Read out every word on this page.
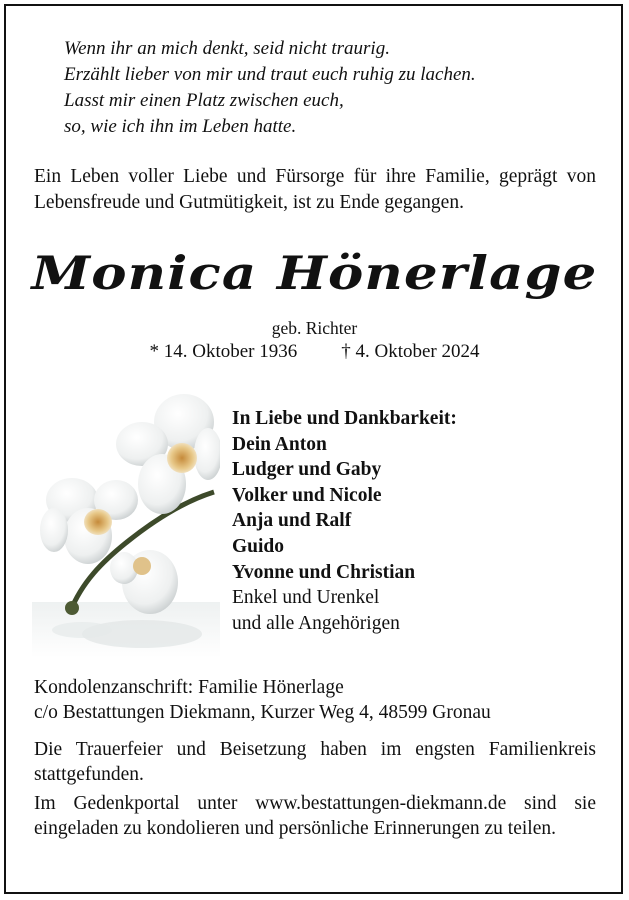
Wenn ihr an mich denkt, seid nicht traurig.
Erzählt lieber von mir und traut euch ruhig zu lachen.
Lasst mir einen Platz zwischen euch,
so, wie ich ihn im Leben hatte.
Ein Leben voller Liebe und Fürsorge für ihre Familie, geprägt von Lebensfreude und Gutmütigkeit, ist zu Ende gegangen.
Monica Hönerlage
geb. Richter
* 14. Oktober 1936 † 4. Oktober 2024
In Liebe und Dankbarkeit:
Dein Anton
Ludger und Gaby
Volker und Nicole
Anja und Ralf
Guido
Yvonne und Christian
Enkel und Urenkel
und alle Angehörigen
Kondolenzanschrift: Familie Hönerlage
c/o Bestattungen Diekmann, Kurzer Weg 4, 48599 Gronau
Die Trauerfeier und Beisetzung haben im engsten Familienkreis stattgefunden.
Im Gedenkportal unter www.bestattungen-diekmann.de sind sie eingeladen zu kondolieren und persönliche Erinnerungen zu teilen.
